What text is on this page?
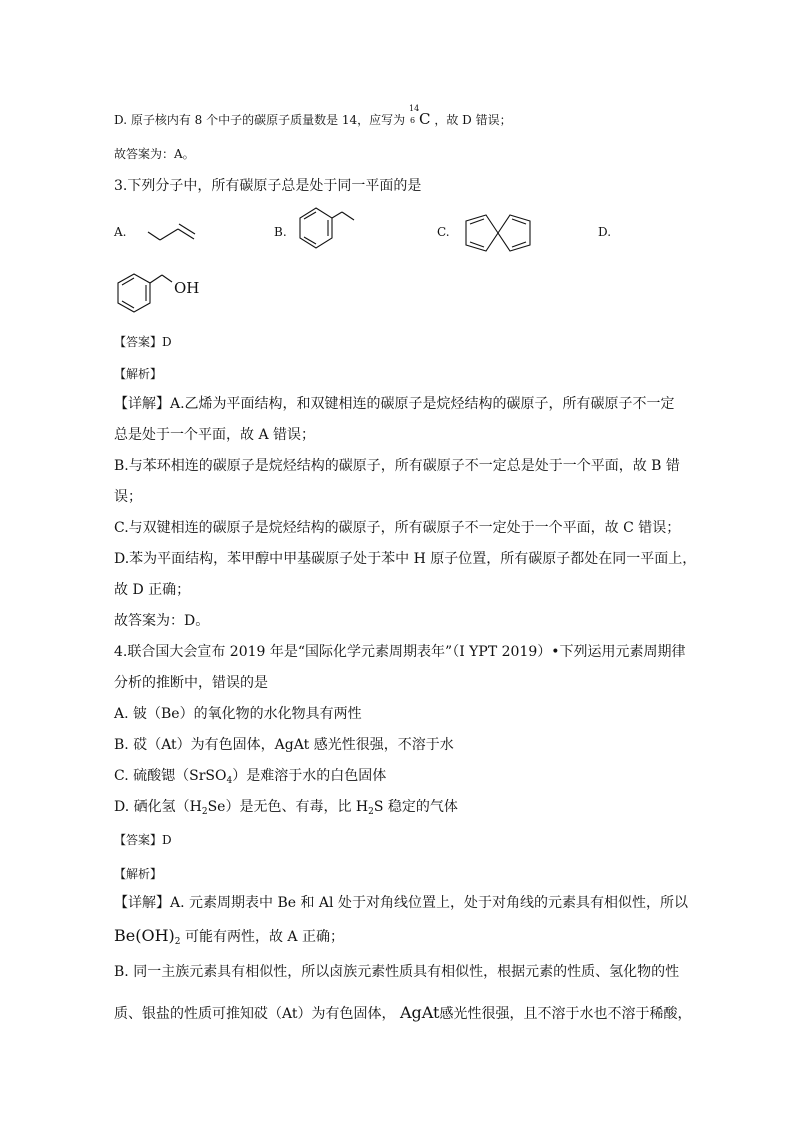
D. 原子核内有 8 个中子的碳原子质量数是 14，应写为
14
6 C ，故 D 错误；
故答案为：A。
3.下列分子中，所有碳原子总是处于同一平面的是
A.	B.	C.	D.
OH
【答案】D
【解析】
【详解】A.乙烯为平面结构，和双键相连的碳原子是烷烃结构的碳原子，所有碳原子不一定
总是处于一个平面，故 A 错误；
B.与苯环相连的碳原子是烷烃结构的碳原子，所有碳原子不一定总是处于一个平面，故 B 错
误；
C.与双键相连的碳原子是烷烃结构的碳原子，所有碳原子不一定处于一个平面，故 C 错误；
D.苯为平面结构，苯甲醇中甲基碳原子处于苯中 H 原子位置，所有碳原子都处在同一平面上，
故 D 正确；
故答案为：D。
4.联合国大会宣布 2019 年是“国际化学元素周期表年”（I YPT 2019）•下列运用元素周期律
分析的推断中，错误的是
A. 铍（Be）的氧化物的水化物具有两性
B. 砹（At）为有色固体，AgAt 感光性很强，不溶于水
C. 硫酸锶（SrSO$_4$）是难溶于水的白色固体
D. 硒化氢$(H_2Se)$是无色、有毒，比 $H_2S$ 稳定的气体
【答案】D
【解析】
【详解】A. 元素周期表中 Be 和 Al 处于对角线位置上，处于对角线的元素具有相似性，所以
$Be(OH)_2$ 可能有两性，故 A 正确；
B. 同一主族元素具有相似性，所以卤族元素性质具有相似性，根据元素的性质、氢化物的性
质、银盐的性质可推知砹（At）为有色固体， AgAt感光性很强，且不溶于水也不溶于稀酸，
